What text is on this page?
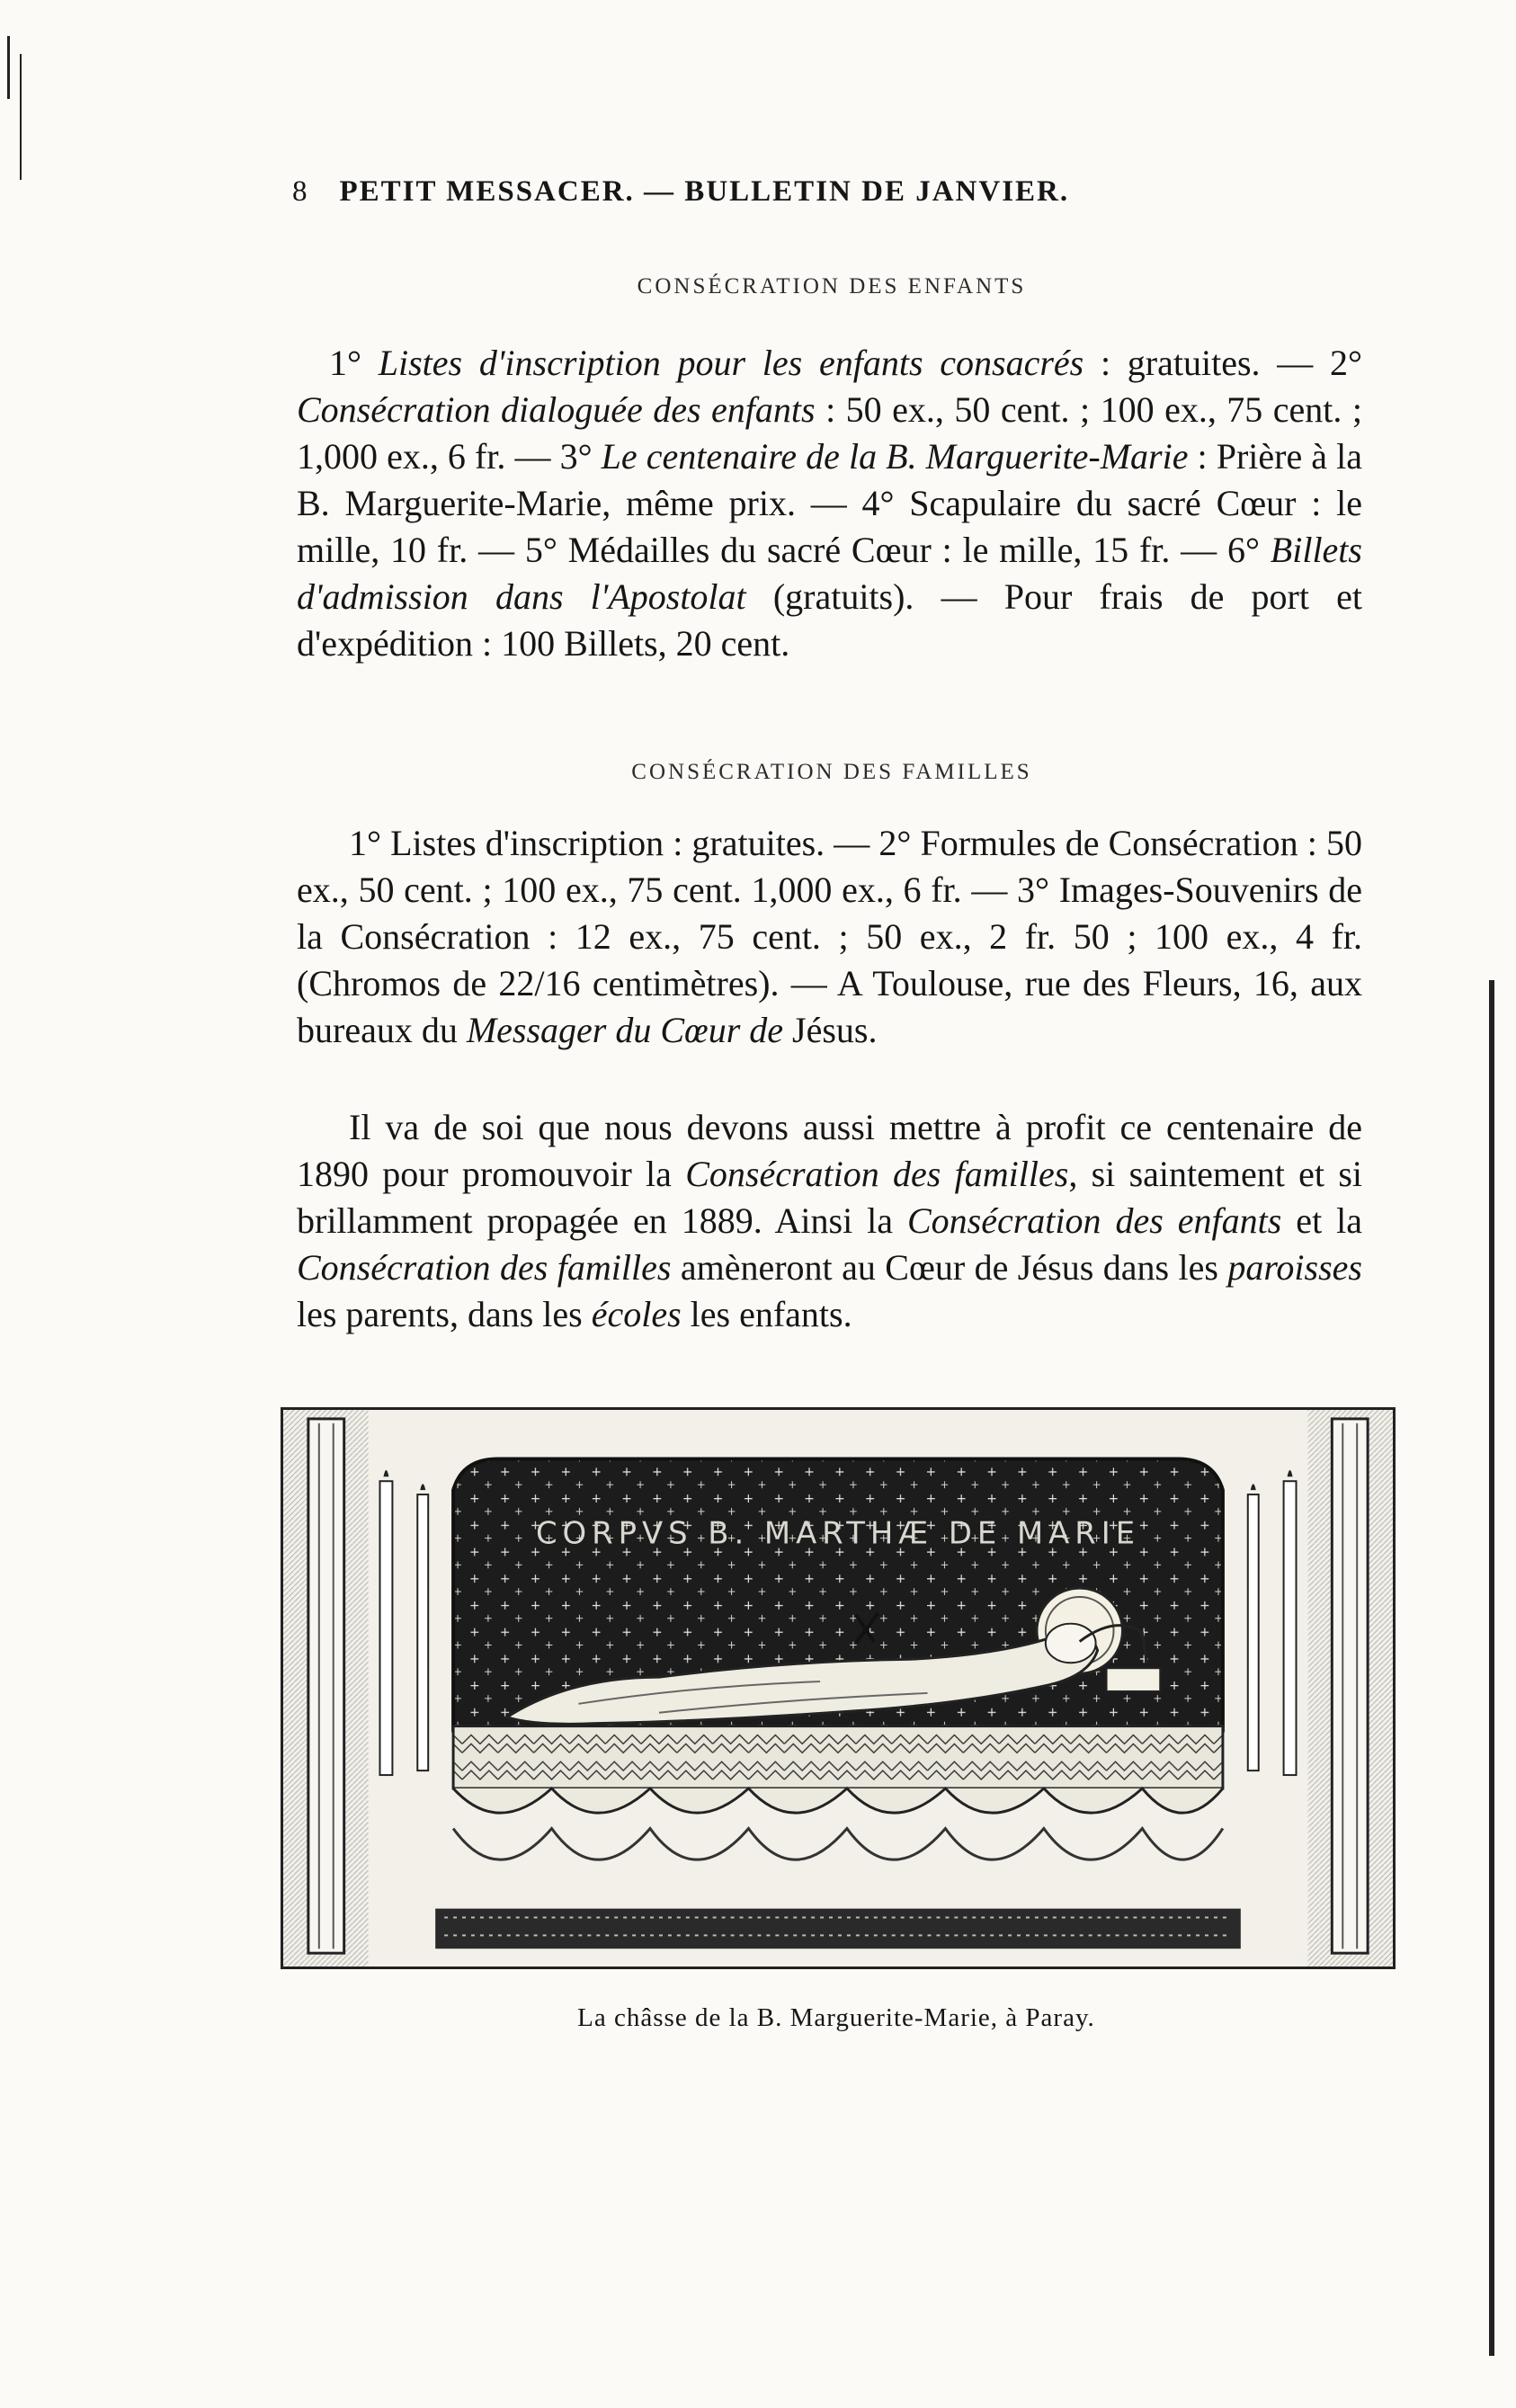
8 PETIT MESSACER. — BULLETIN DE JANVIER.
CONSÉCRATION DES ENFANTS

1° Listes d'inscription pour les enfants consacrés : gratuites. — 2° Consécration dialoguée des enfants : 50 ex., 50 cent. ; 100 ex., 75 cent. ; 1,000 ex., 6 fr. — 3° Le centenaire de la B. Marguerite-Marie : Prière à la B. Marguerite-Marie, même prix. — 4° Scapulaire du sacré Cœur : le mille, 10 fr. — 5° Médailles du sacré Cœur : le mille, 15 fr. — 6° Billets d'admission dans l'Apostolat (gratuits). — Pour frais de port et d'expédition : 100 Billets, 20 cent.

CONSÉCRATION DES FAMILLES

1° Listes d'inscription : gratuites. — 2° Formules de Consécration : 50 ex., 50 cent. ; 100 ex., 75 cent. 1,000 ex., 6 fr. — 3° Images-Souvenirs de la Consécration : 12 ex., 75 cent. ; 50 ex., 2 fr. 50 ; 100 ex., 4 fr. (Chromos de 22/16 centimètres). — A Toulouse, rue des Fleurs, 16, aux bureaux du Messager du Cœur de Jésus.

Il va de soi que nous devons aussi mettre à profit ce centenaire de 1890 pour promouvoir la Consécration des familles, si saintement et si brillamment propagée en 1889. Ainsi la Consécration des enfants et la Consécration des familles amèneront au Cœur de Jésus dans les paroisses les parents, dans les écoles les enfants.

CORPVS B. MARTHÆ DE MARIE
La châsse de la B. Marguerite-Marie, à Paray.
